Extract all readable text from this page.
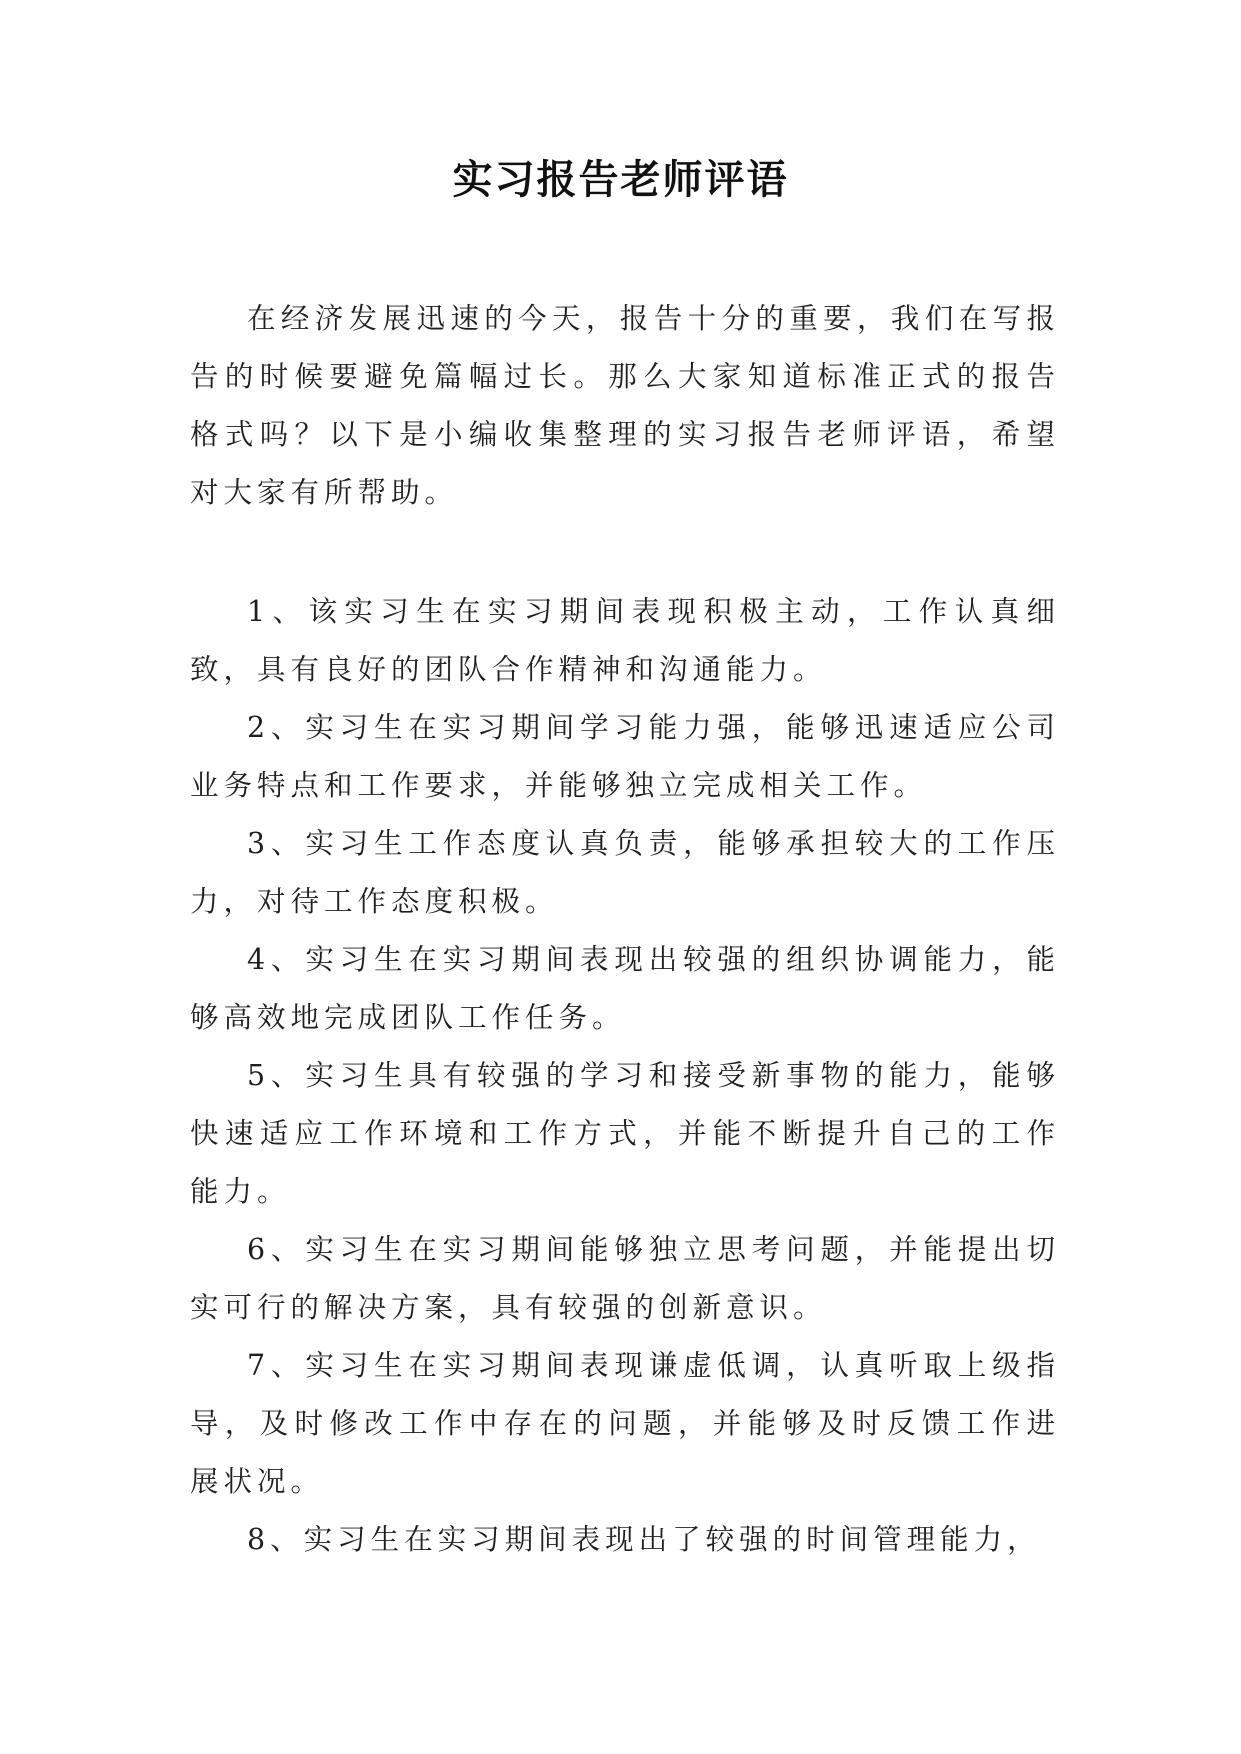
实习报告老师评语

在经济发展迅速的今天，报告十分的重要，我们在写报告的时候要避免篇幅过长。那么大家知道标准正式的报告格式吗？以下是小编收集整理的实习报告老师评语，希望对大家有所帮助。

1、该实习生在实习期间表现积极主动，工作认真细致，具有良好的团队合作精神和沟通能力。

2、实习生在实习期间学习能力强，能够迅速适应公司业务特点和工作要求，并能够独立完成相关工作。

3、实习生工作态度认真负责，能够承担较大的工作压力，对待工作态度积极。

4、实习生在实习期间表现出较强的组织协调能力，能够高效地完成团队工作任务。

5、实习生具有较强的学习和接受新事物的能力，能够快速适应工作环境和工作方式，并能不断提升自己的工作能力。

6、实习生在实习期间能够独立思考问题，并能提出切实可行的解决方案，具有较强的创新意识。

7、实习生在实习期间表现谦虚低调，认真听取上级指导，及时修改工作中存在的问题，并能够及时反馈工作进展状况。

8、实习生在实习期间表现出了较强的时间管理能力，
